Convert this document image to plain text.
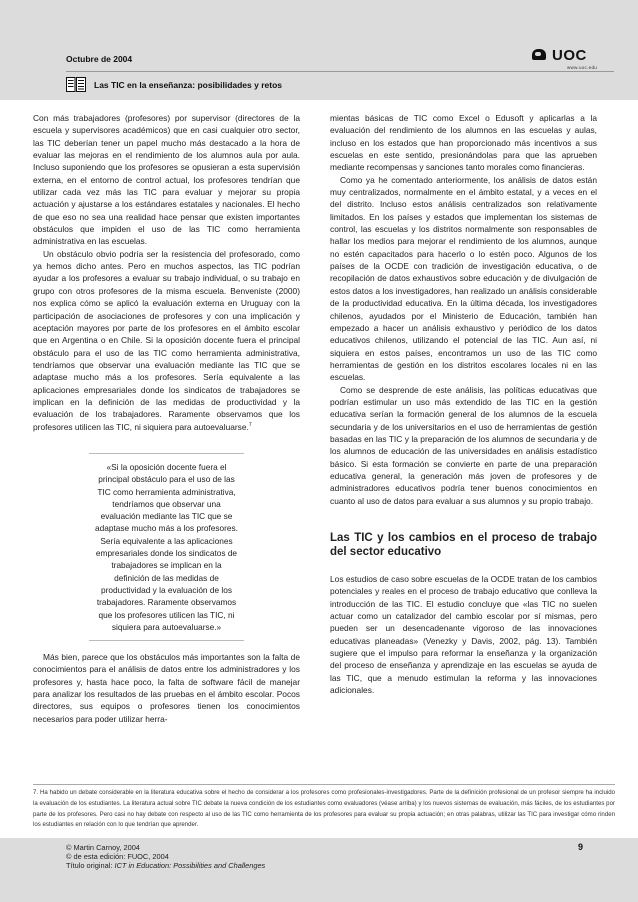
Octubre de 2004
Las TIC en la enseñanza: posibilidades y retos
UOC
www.uoc.edu

Con más trabajadores (profesores) por supervisor (directores de la escuela y supervisores académicos) que en casi cualquier otro sector, las TIC deberían tener un papel mucho más destacado a la hora de evaluar las mejoras en el rendimiento de los alumnos aula por aula. Incluso suponiendo que los profesores se opusieran a esta supervisión externa, en el entorno de control actual, los profesores tendrían que utilizar cada vez más las TIC para evaluar y mejorar su propia actuación y ajustarse a los estándares estatales y nacionales. El hecho de que eso no sea una realidad hace pensar que existen importantes obstáculos que impiden el uso de las TIC como herramienta administrativa en las escuelas.

Un obstáculo obvio podría ser la resistencia del profesorado, como ya hemos dicho antes. Pero en muchos aspectos, las TIC podrían ayudar a los profesores a evaluar su trabajo individual, o su trabajo en grupo con otros profesores de la misma escuela. Benveniste (2000) nos explica cómo se aplicó la evaluación externa en Uruguay con la participación de asociaciones de profesores y con una implicación y aceptación mayores por parte de los profesores en el ámbito escolar que en Argentina o en Chile. Si la oposición docente fuera el principal obstáculo para el uso de las TIC como herramienta administrativa, tendríamos que observar una evaluación mediante las TIC que se adaptase mucho más a los profesores. Sería equivalente a las aplicaciones empresariales donde los sindicatos de trabajadores se implican en la definición de las medidas de productividad y la evaluación de los trabajadores. Raramente observamos que los profesores utilicen las TIC, ni siquiera para autoevaluarse.$^7$

«Si la oposición docente fuera el principal obstáculo para el uso de las TIC como herramienta administrativa, tendríamos que observar una evaluación mediante las TIC que se adaptase mucho más a los profesores. Sería equivalente a las aplicaciones empresariales donde los sindicatos de trabajadores se implican en la definición de las medidas de productividad y la evaluación de los trabajadores. Raramente observamos que los profesores utilicen las TIC, ni siquiera para autoevaluarse.»

Más bien, parece que los obstáculos más importantes son la falta de conocimientos para el análisis de datos entre los administradores y los profesores y, hasta hace poco, la falta de software fácil de manejar para analizar los resultados de las pruebas en el ámbito escolar. Pocos directores, sus equipos o profesores tienen los conocimientos necesarios para poder utilizar herra-

mientas básicas de TIC como Excel o Edusoft y aplicarlas a la evaluación del rendimiento de los alumnos en las escuelas y aulas, incluso en los estados que han proporcionado más incentivos a sus escuelas en este sentido, presionándolas para que las aprueben mediante recompensas y sanciones tanto morales como financieras.

Como ya he comentado anteriormente, los análisis de datos están muy centralizados, normalmente en el ámbito estatal, y a veces en el del distrito. Incluso estos análisis centralizados son relativamente limitados. En los países y estados que implementan los sistemas de control, las escuelas y los distritos normalmente son responsables de hallar los medios para mejorar el rendimiento de los alumnos, aunque no estén capacitados para hacerlo o lo estén poco. Algunos de los países de la OCDE con tradición de investigación educativa, o de recopilación de datos exhaustivos sobre educación y de divulgación de estos datos a los investigadores, han realizado un análisis considerable de la productividad educativa. En la última década, los investigadores chilenos, ayudados por el Ministerio de Educación, también han empezado a hacer un análisis exhaustivo y periódico de los datos educativos chilenos, utilizando el potencial de las TIC. Aun así, ni siquiera en estos países, encontramos un uso de las TIC como herramientas de gestión en los distritos escolares locales ni en las escuelas.

Como se desprende de este análisis, las políticas educativas que podrían estimular un uso más extendido de las TIC en la gestión educativa serían la formación general de los alumnos de la escuela secundaria y de los universitarios en el uso de herramientas de gestión basadas en las TIC y la preparación de los alumnos de secundaria y de los alumnos de educación de las universidades en análisis estadístico básico. Si esta formación se convierte en parte de una preparación educativa general, la generación más joven de profesores y de administradores educativos podría tener buenos conocimientos en cuanto al uso de datos para evaluar a sus alumnos y su propio trabajo.

Las TIC y los cambios en el proceso de trabajo del sector educativo

Los estudios de caso sobre escuelas de la OCDE tratan de los cambios potenciales y reales en el proceso de trabajo educativo que conlleva la introducción de las TIC. El estudio concluye que «las TIC no suelen actuar como un catalizador del cambio escolar por sí mismas, pero pueden ser un desencadenante vigoroso de las innovaciones educativas planeadas» (Venezky y Davis, 2002, pág. 13). También sugiere que el impulso para reformar la enseñanza y la organización del proceso de enseñanza y aprendizaje en las escuelas se ayuda de las TIC, que a menudo estimulan la reforma y las innovaciones adicionales.

7. Ha habido un debate considerable en la literatura educativa sobre el hecho de considerar a los profesores como profesionales-investigadores. Parte de la definición profesional de un profesor siempre ha incluido la evaluación de los estudiantes. La literatura actual sobre TIC debate la nueva condición de los estudiantes como evaluadores (véase arriba) y los nuevos sistemas de evaluación, más fáciles, de los estudiantes por parte de los profesores. Pero casi no hay debate con respecto al uso de las TIC como herramienta de los profesores para evaluar su propia actuación; en otras palabras, utilizar las TIC para investigar cómo rinden los estudiantes en relación con lo que tendrían que aprender.
© Martin Carnoy, 2004
© de esta edición: FUOC, 2004
Título original: ICT in Education: Possibilities and Challenges
9
